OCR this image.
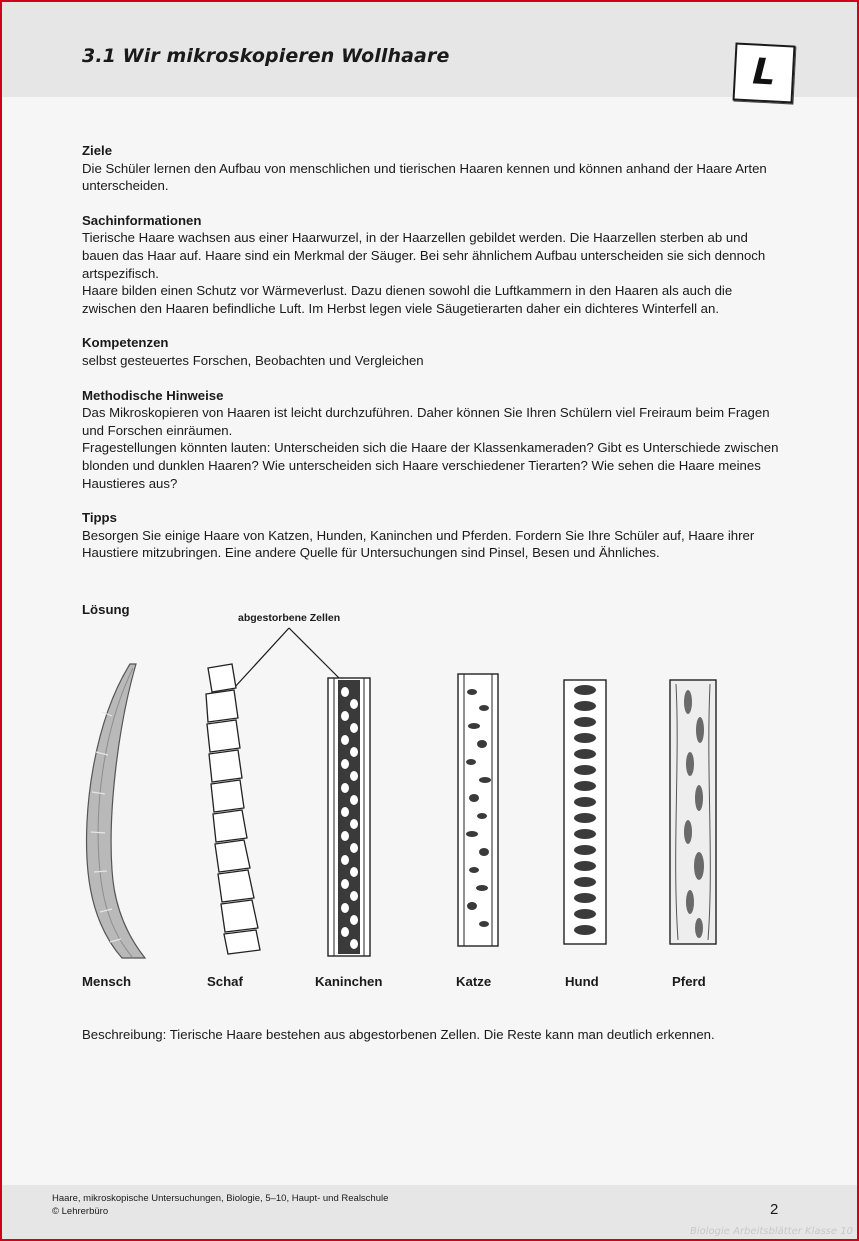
3.1 Wir mikroskopieren Wollhaare	L
Ziele

Die Schüler lernen den Aufbau von menschlichen und tierischen Haaren kennen und können anhand der Haare Arten unterscheiden.

Sachinformationen

Tierische Haare wachsen aus einer Haarwurzel, in der Haarzellen gebildet werden. Die Haarzellen sterben ab und bauen das Haar auf. Haare sind ein Merkmal der Säuger. Bei sehr ähnlichem Aufbau unterscheiden sie sich dennoch artspezifisch.

Haare bilden einen Schutz vor Wärmeverlust. Dazu dienen sowohl die Luftkammern in den Haaren als auch die zwischen den Haaren befindliche Luft. Im Herbst legen viele Säugetierarten daher ein dichteres Winterfell an.

Kompetenzen

selbst gesteuertes Forschen, Beobachten und Vergleichen

Methodische Hinweise

Das Mikroskopieren von Haaren ist leicht durchzuführen. Daher können Sie Ihren Schülern viel Freiraum beim Fragen und Forschen einräumen.

Fragestellungen könnten lauten: Unterscheiden sich die Haare der Klassenkameraden? Gibt es Unterschiede zwischen blonden und dunklen Haaren? Wie unterscheiden sich Haare verschiedener Tierarten? Wie sehen die Haare meines Haustieres aus?

Tipps

Besorgen Sie einige Haare von Katzen, Hunden, Kaninchen und Pferden. Fordern Sie Ihre Schüler auf, Haare ihrer Haustiere mitzubringen. Eine andere Quelle für Untersuchungen sind Pinsel, Besen und Ähnliches.

Lösung
abgestorbene Zellen
Mensch	Schaf	Kaninchen	Katze	Hund	Pferd
Beschreibung: Tierische Haare bestehen aus abgestorbenen Zellen. Die Reste kann man deutlich erkennen.
Haare, mikroskopische Untersuchungen, Biologie, 5–10, Haupt- und Realschule
© Lehrerbüro	2
Biologie Arbeitsblätter Klasse 10
